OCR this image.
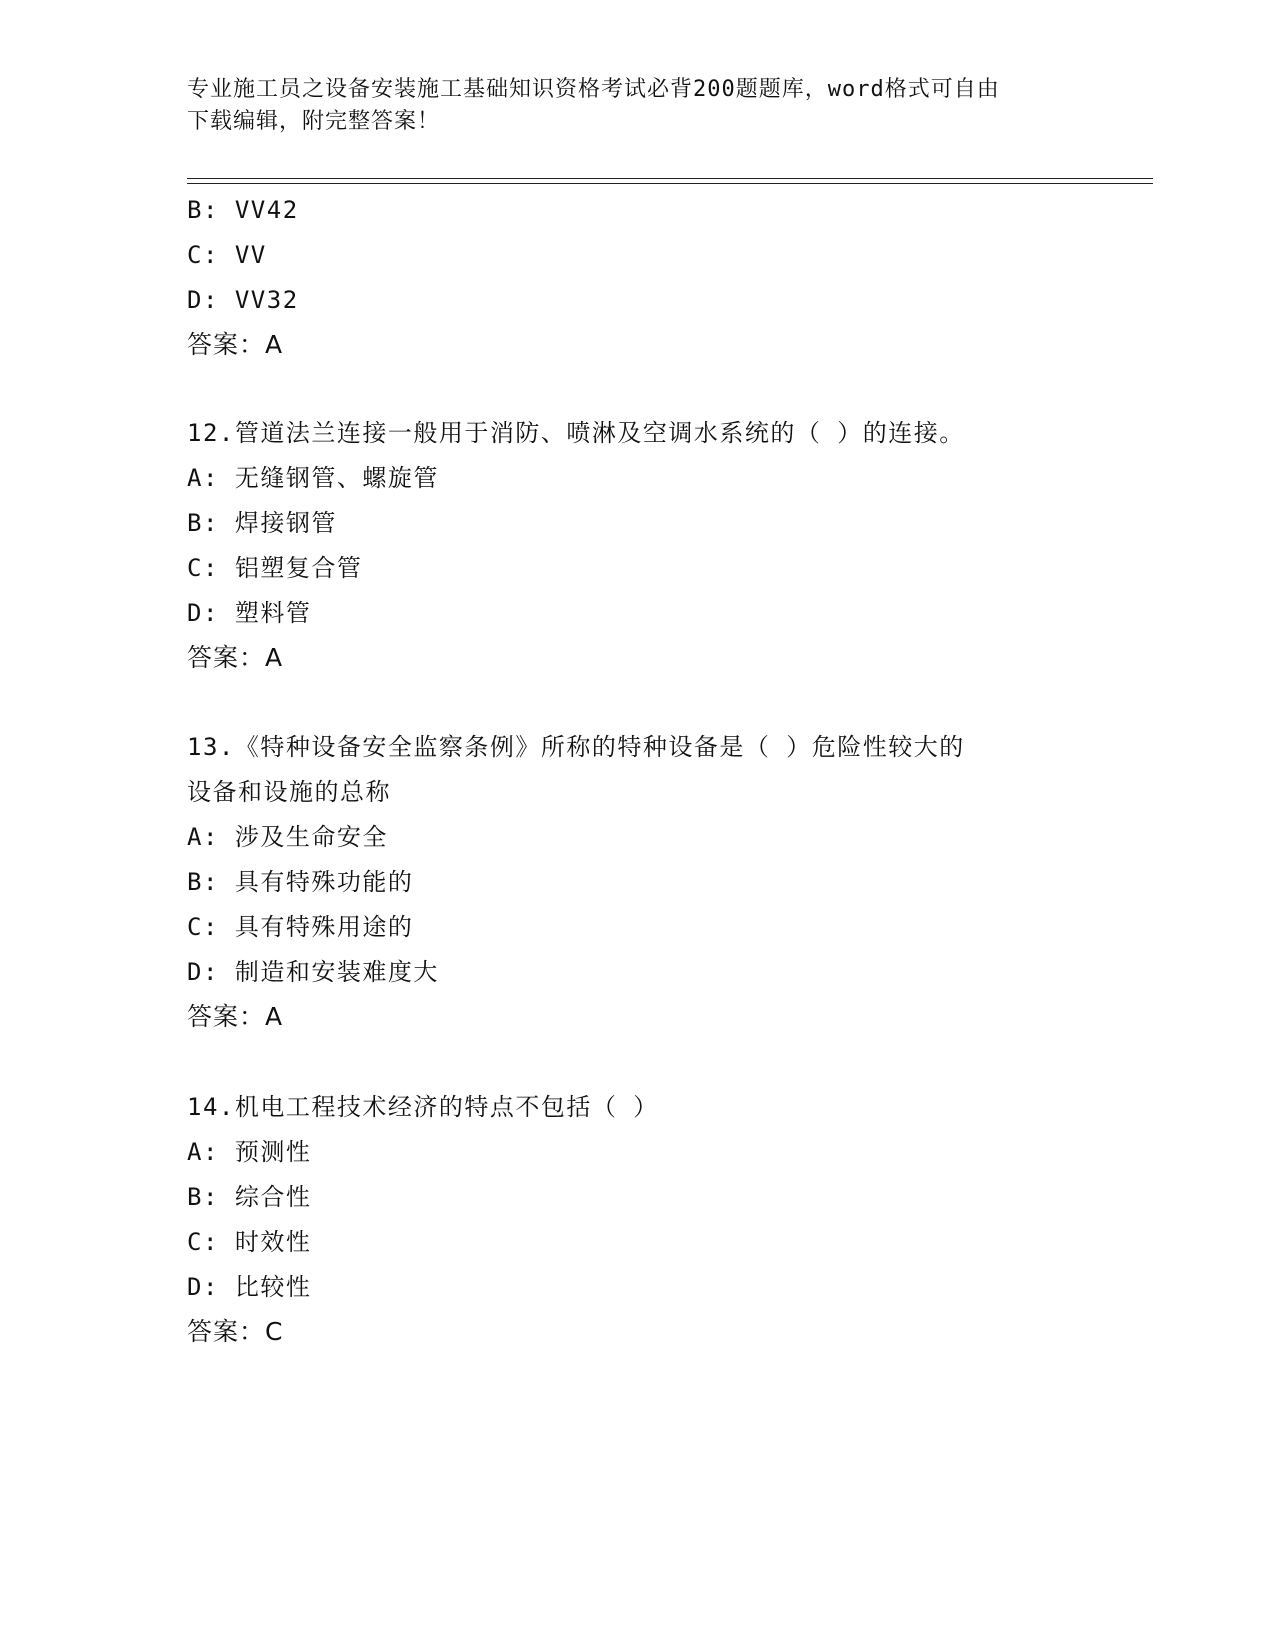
专业施工员之设备安装施工基础知识资格考试必背200题题库，word格式可自由
下载编辑，附完整答案！
B: VV42
C: VV
D: VV32
答案：A
12.管道法兰连接一般用于消防、喷淋及空调水系统的（ ）的连接。
A: 无缝钢管、螺旋管
B: 焊接钢管
C: 铝塑复合管
D: 塑料管
答案：A
13.《特种设备安全监察条例》所称的特种设备是（ ）危险性较大的
设备和设施的总称
A: 涉及生命安全
B: 具有特殊功能的
C: 具有特殊用途的
D: 制造和安装难度大
答案：A
14.机电工程技术经济的特点不包括（ ）
A: 预测性
B: 综合性
C: 时效性
D: 比较性
答案：C
